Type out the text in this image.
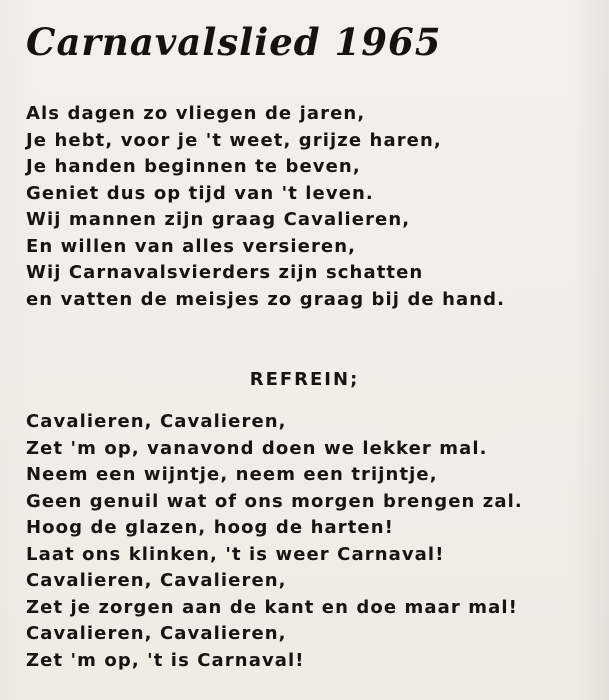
Carnavalslied 1965
Als dagen zo vliegen de jaren,
Je hebt, voor je 't weet, grijze haren,
Je handen beginnen te beven,
Geniet dus op tijd van 't leven.
Wij mannen zijn graag Cavalieren,
En willen van alles versieren,
Wij Carnavalsvierders zijn schatten
en vatten de meisjes zo graag bij de hand.
REFREIN;
Cavalieren, Cavalieren,
Zet 'm op, vanavond doen we lekker mal.
Neem een wijntje, neem een trijntje,
Geen genuil wat of ons morgen brengen zal.
Hoog de glazen, hoog de harten!
Laat ons klinken, 't is weer Carnaval!
Cavalieren, Cavalieren,
Zet je zorgen aan de kant en doe maar mal!
Cavalieren, Cavalieren,
Zet 'm op, 't is Carnaval!
